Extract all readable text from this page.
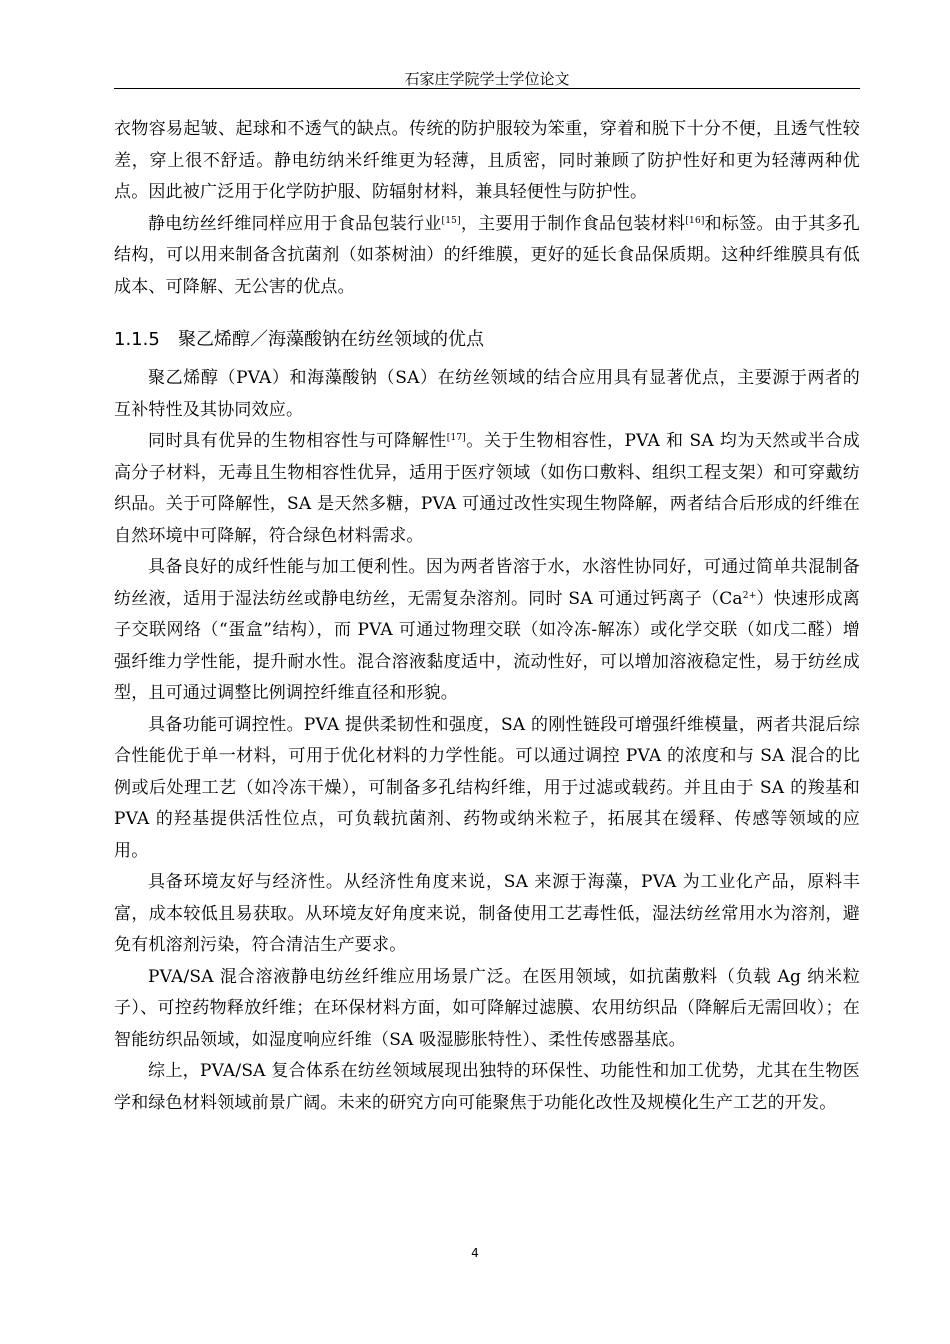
石家庄学院学士学位论文

衣物容易起皱、起球和不透气的缺点。传统的防护服较为笨重，穿着和脱下十分不便，且透气性较差，穿上很不舒适。静电纺纳米纤维更为轻薄，且质密，同时兼顾了防护性好和更为轻薄两种优点。因此被广泛用于化学防护服、防辐射材料，兼具轻便性与防护性。

静电纺丝纤维同样应用于食品包装行业[15]，主要用于制作食品包装材料[16]和标签。由于其多孔结构，可以用来制备含抗菌剂（如茶树油）的纤维膜，更好的延长食品保质期。这种纤维膜具有低成本、可降解、无公害的优点。

1.1.5 聚乙烯醇／海藻酸钠在纺丝领域的优点

聚乙烯醇（PVA）和海藻酸钠（SA）在纺丝领域的结合应用具有显著优点，主要源于两者的互补特性及其协同效应。

同时具有优异的生物相容性与可降解性[17]。关于生物相容性，PVA 和 SA 均为天然或半合成高分子材料，无毒且生物相容性优异，适用于医疗领域（如伤口敷料、组织工程支架）和可穿戴纺织品。关于可降解性，SA 是天然多糖，PVA 可通过改性实现生物降解，两者结合后形成的纤维在自然环境中可降解，符合绿色材料需求。

具备良好的成纤性能与加工便利性。因为两者皆溶于水，水溶性协同好，可通过简单共混制备纺丝液，适用于湿法纺丝或静电纺丝，无需复杂溶剂。同时 SA 可通过钙离子$(Ca^{2+})$快速形成离子交联网络（“蛋盒”结构），而 PVA 可通过物理交联（如冷冻-解冻）或化学交联（如戊二醛）增强纤维力学性能，提升耐水性。混合溶液黏度适中，流动性好，可以增加溶液稳定性，易于纺丝成型，且可通过调整比例调控纤维直径和形貌。

具备功能可调控性。PVA 提供柔韧性和强度，SA 的刚性链段可增强纤维模量，两者共混后综合性能优于单一材料，可用于优化材料的力学性能。可以通过调控 PVA 的浓度和与 SA 混合的比例或后处理工艺（如冷冻干燥），可制备多孔结构纤维，用于过滤或载药。并且由于 SA 的羧基和 PVA 的羟基提供活性位点，可负载抗菌剂、药物或纳米粒子，拓展其在缓释、传感等领域的应用。

具备环境友好与经济性。从经济性角度来说，SA 来源于海藻，PVA 为工业化产品，原料丰富，成本较低且易获取。从环境友好角度来说，制备使用工艺毒性低，湿法纺丝常用水为溶剂，避免有机溶剂污染，符合清洁生产要求。

PVA/SA 混合溶液静电纺丝纤维应用场景广泛。在医用领域，如抗菌敷料（负载 Ag 纳米粒子）、可控药物释放纤维；在环保材料方面，如可降解过滤膜、农用纺织品（降解后无需回收）；在智能纺织品领域，如湿度响应纤维（SA 吸湿膨胀特性）、柔性传感器基底。

综上，PVA/SA 复合体系在纺丝领域展现出独特的环保性、功能性和加工优势，尤其在生物医学和绿色材料领域前景广阔。未来的研究方向可能聚焦于功能化改性及规模化生产工艺的开发。

4
